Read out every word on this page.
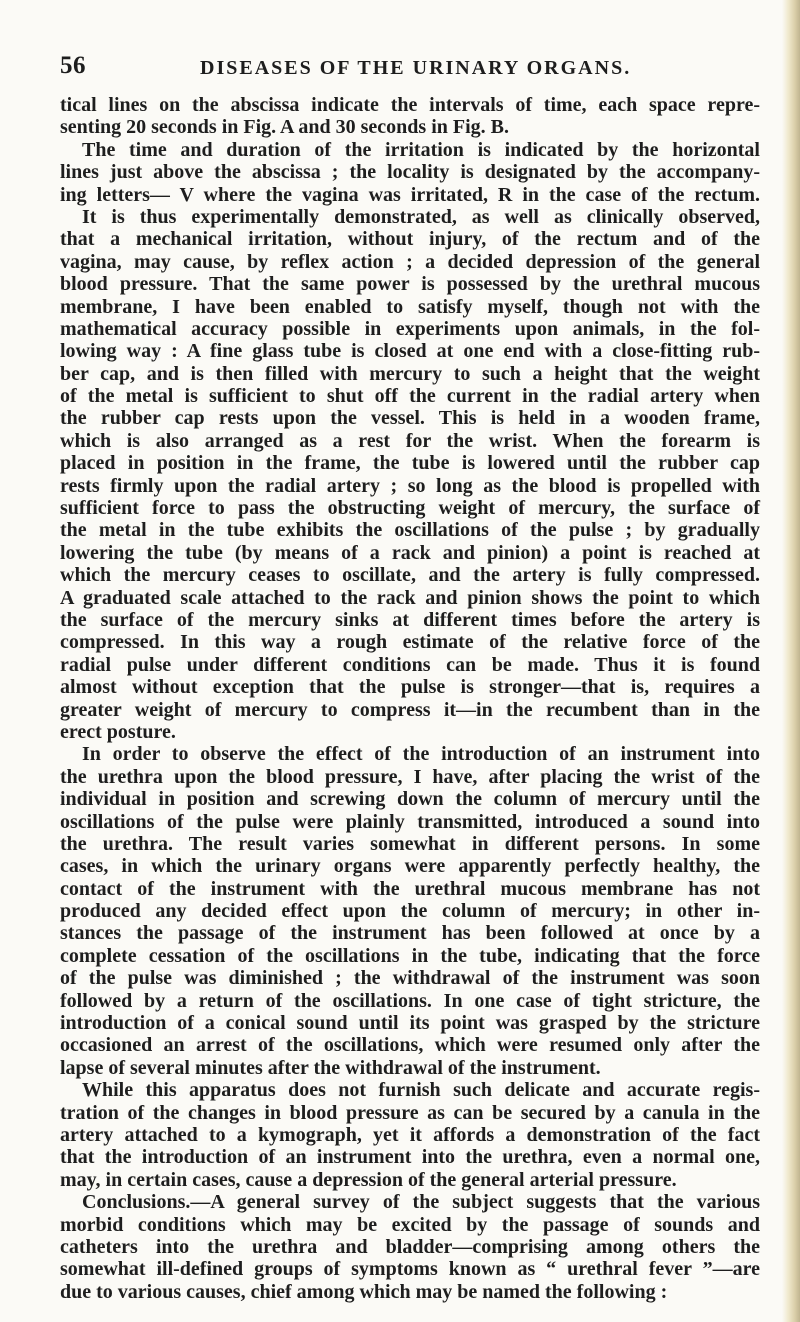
56	DISEASES OF THE URINARY ORGANS.
tical lines on the abscissa indicate the intervals of time, each space repre-
senting 20 seconds in Fig. A and 30 seconds in Fig. B.
The time and duration of the irritation is indicated by the horizontal
lines just above the abscissa ; the locality is designated by the accompany-
ing letters— V where the vagina was irritated, R in the case of the rectum.
It is thus experimentally demonstrated, as well as clinically observed,
that a mechanical irritation, without injury, of the rectum and of the
vagina, may cause, by reflex action ; a decided depression of the general
blood pressure. That the same power is possessed by the urethral mucous
membrane, I have been enabled to satisfy myself, though not with the
mathematical accuracy possible in experiments upon animals, in the fol-
lowing way : A fine glass tube is closed at one end with a close-fitting rub-
ber cap, and is then filled with mercury to such a height that the weight
of the metal is sufficient to shut off the current in the radial artery when
the rubber cap rests upon the vessel. This is held in a wooden frame,
which is also arranged as a rest for the wrist. When the forearm is
placed in position in the frame, the tube is lowered until the rubber cap
rests firmly upon the radial artery ; so long as the blood is propelled with
sufficient force to pass the obstructing weight of mercury, the surface of
the metal in the tube exhibits the oscillations of the pulse ; by gradually
lowering the tube (by means of a rack and pinion) a point is reached at
which the mercury ceases to oscillate, and the artery is fully compressed.
A graduated scale attached to the rack and pinion shows the point to which
the surface of the mercury sinks at different times before the artery is
compressed. In this way a rough estimate of the relative force of the
radial pulse under different conditions can be made. Thus it is found
almost without exception that the pulse is stronger—that is, requires a
greater weight of mercury to compress it—in the recumbent than in the
erect posture.
In order to observe the effect of the introduction of an instrument into
the urethra upon the blood pressure, I have, after placing the wrist of the
individual in position and screwing down the column of mercury until the
oscillations of the pulse were plainly transmitted, introduced a sound into
the urethra. The result varies somewhat in different persons. In some
cases, in which the urinary organs were apparently perfectly healthy, the
contact of the instrument with the urethral mucous membrane has not
produced any decided effect upon the column of mercury; in other in-
stances the passage of the instrument has been followed at once by a
complete cessation of the oscillations in the tube, indicating that the force
of the pulse was diminished ; the withdrawal of the instrument was soon
followed by a return of the oscillations. In one case of tight stricture, the
introduction of a conical sound until its point was grasped by the stricture
occasioned an arrest of the oscillations, which were resumed only after the
lapse of several minutes after the withdrawal of the instrument.
While this apparatus does not furnish such delicate and accurate regis-
tration of the changes in blood pressure as can be secured by a canula in the
artery attached to a kymograph, yet it affords a demonstration of the fact
that the introduction of an instrument into the urethra, even a normal one,
may, in certain cases, cause a depression of the general arterial pressure.
Conclusions.—A general survey of the subject suggests that the various
morbid conditions which may be excited by the passage of sounds and
catheters into the urethra and bladder—comprising among others the
somewhat ill-defined groups of symptoms known as “ urethral fever ”—are
due to various causes, chief among which may be named the following :
